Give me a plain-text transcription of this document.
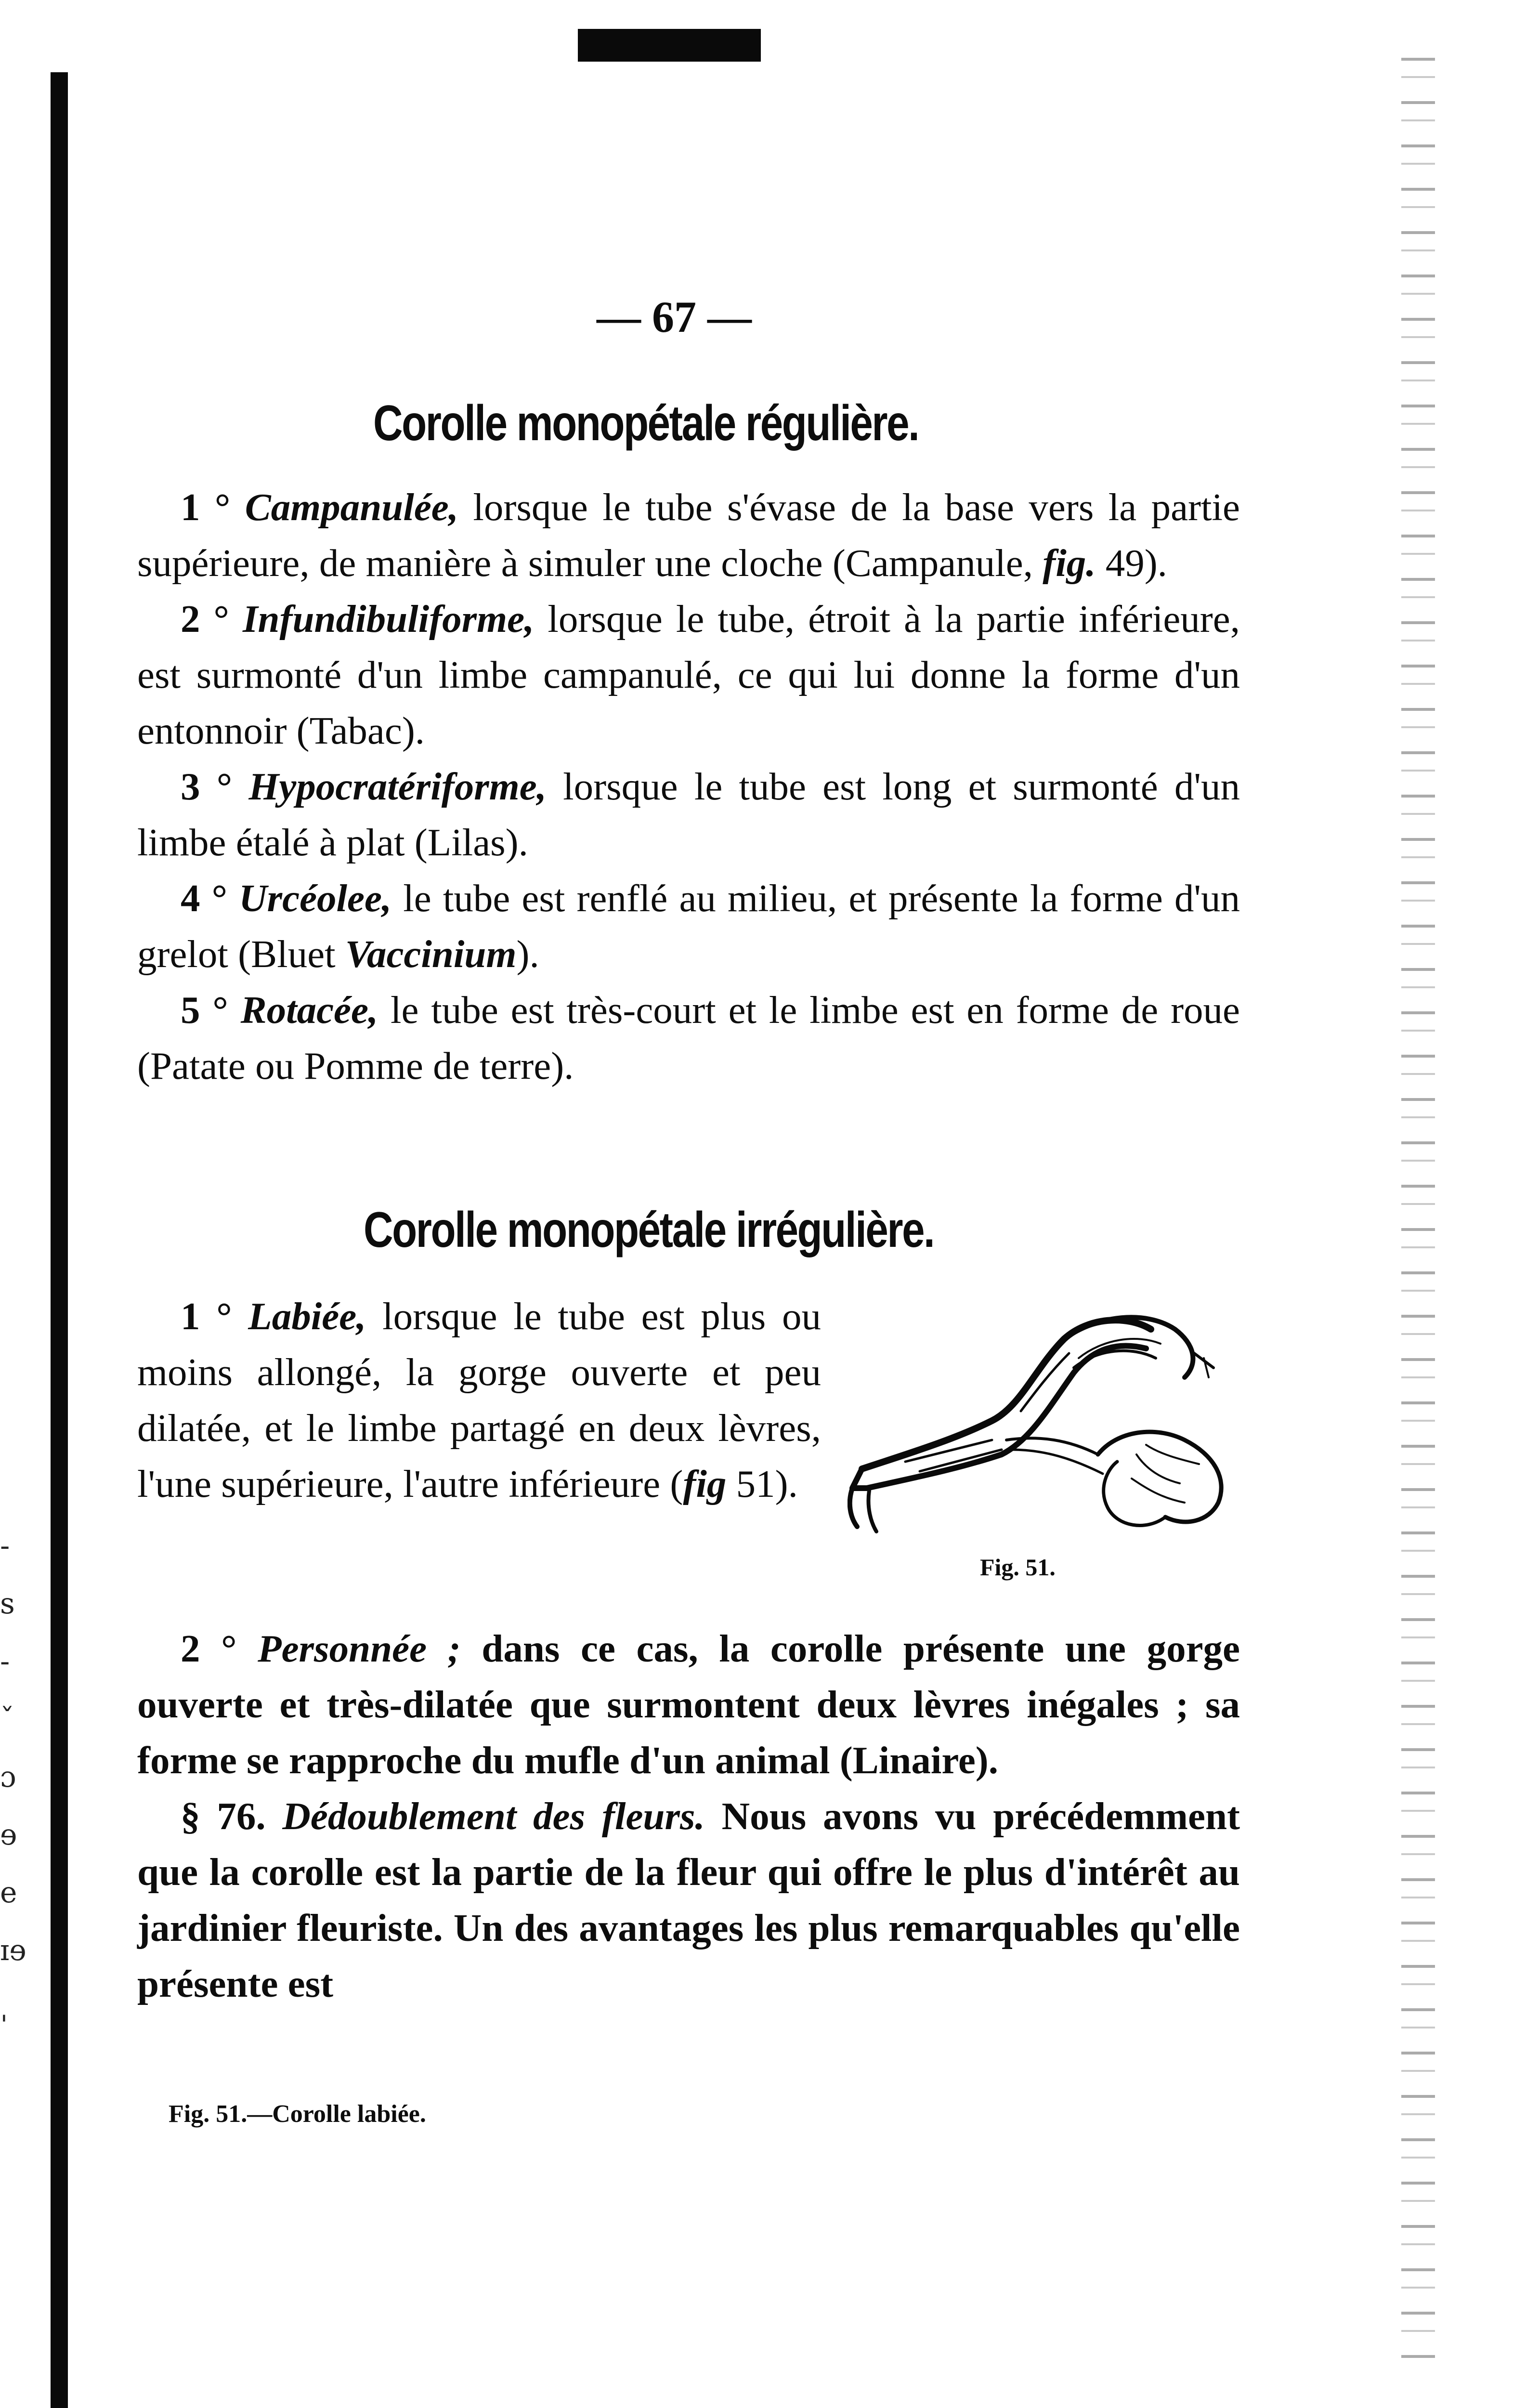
-
s
-
ˇ
ɔ
ɘ
e
ɪɘ
ˌ
— 67 —
Corolle monopétale régulière.

1 ° Campanulée, lorsque le tube s'évase de la base vers la partie supérieure, de manière à simuler une cloche (Campanule, fig. 49).

2 ° Infundibuliforme, lorsque le tube, étroit à la partie inférieure, est surmonté d'un limbe campanulé, ce qui lui donne la forme d'un entonnoir (Tabac).

3 ° Hypocratériforme, lorsque le tube est long et surmonté d'un limbe étalé à plat (Lilas).

4 ° Urcéolee, le tube est renflé au milieu, et présente la forme d'un grelot (Bluet Vaccinium).

5 ° Rotacée, le tube est très-court et le limbe est en forme de roue (Patate ou Pomme de terre).

Corolle monopétale irrégulière.

1 ° Labiée, lorsque le tube est plus ou moins allongé, la gorge ouverte et peu dilatée, et le limbe partagé en deux lèvres, l'une supérieure, l'autre inférieure (fig 51).

Fig. 51.

2 ° Personnée ; dans ce cas, la corolle présente une gorge ouverte et très-dilatée que surmontent deux lèvres inégales ; sa forme se rapproche du mufle d'un animal (Linaire).

§ 76. Dédoublement des fleurs. Nous avons vu précédemment que la corolle est la partie de la fleur qui offre le plus d'intérêt au jardinier fleuriste. Un des avantages les plus remarquables qu'elle présente est

Fig. 51.—Corolle labiée.
